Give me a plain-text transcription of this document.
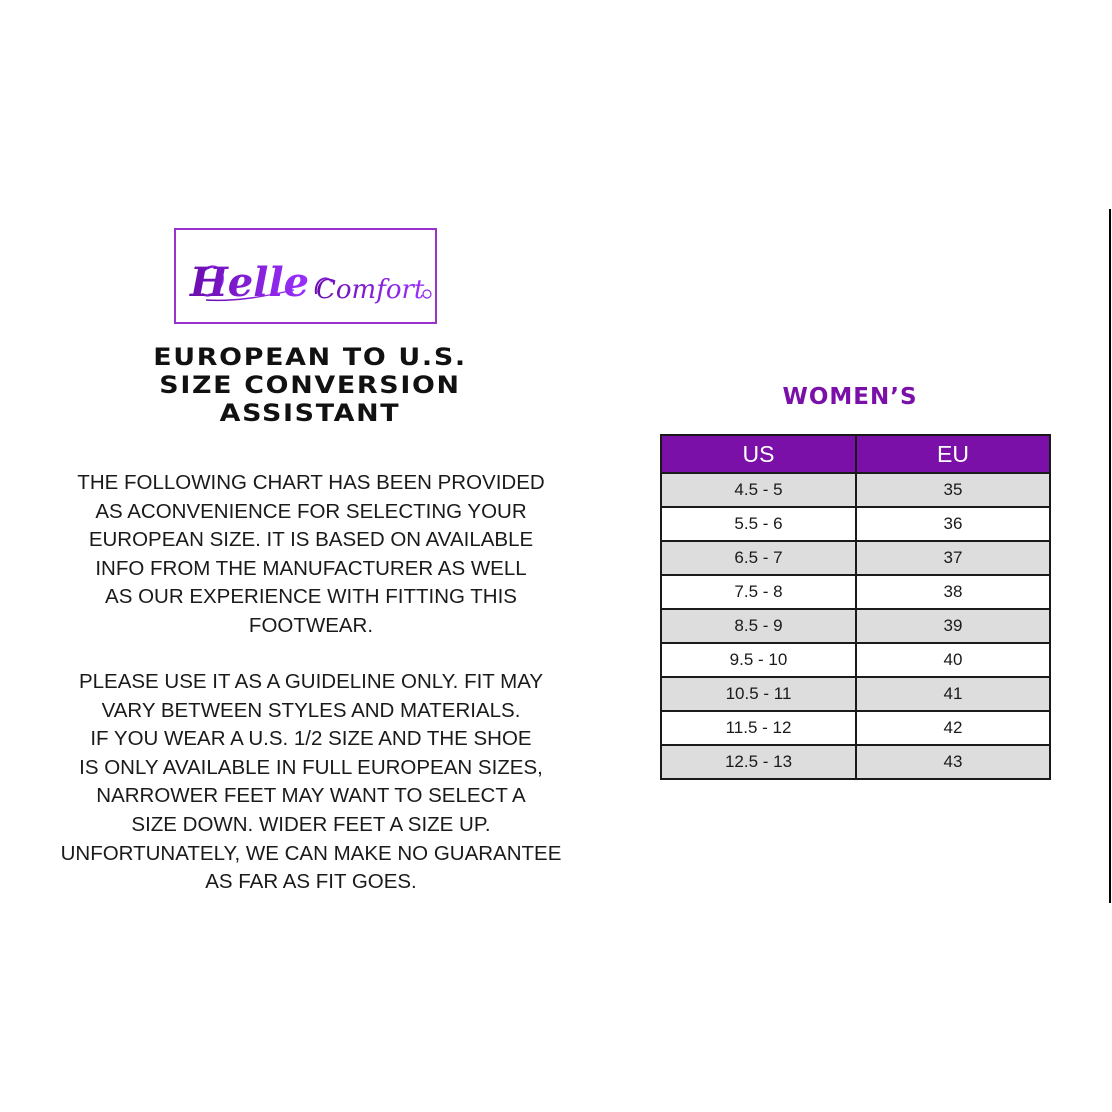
Helle Comfort
EUROPEAN TO U.S.
SIZE CONVERSION
ASSISTANT
THE FOLLOWING CHART HAS BEEN PROVIDED
AS ACONVENIENCE FOR SELECTING YOUR
EUROPEAN SIZE. IT IS BASED ON AVAILABLE
INFO FROM THE MANUFACTURER AS WELL
AS OUR EXPERIENCE WITH FITTING THIS
FOOTWEAR.
PLEASE USE IT AS A GUIDELINE ONLY. FIT MAY
VARY BETWEEN STYLES AND MATERIALS.
IF YOU WEAR A U.S. 1/2 SIZE AND THE SHOE
IS ONLY AVAILABLE IN FULL EUROPEAN SIZES,
NARROWER FEET MAY WANT TO SELECT A
SIZE DOWN. WIDER FEET A SIZE UP.
UNFORTUNATELY, WE CAN MAKE NO GUARANTEE
AS FAR AS FIT GOES.
WOMEN’S
US	EU
4.5 - 5	35
5.5 - 6	36
6.5 - 7	37
7.5 - 8	38
8.5 - 9	39
9.5 - 10	40
10.5 - 11	41
11.5 - 12	42
12.5 - 13	43
